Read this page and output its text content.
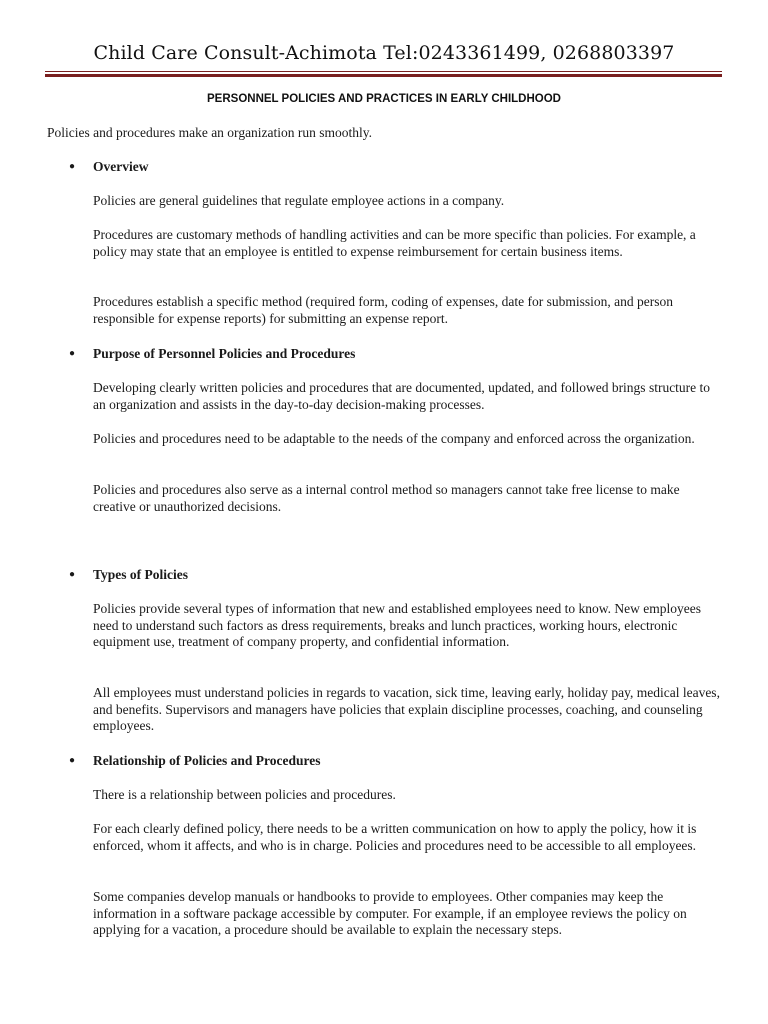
Child Care Consult-Achimota Tel:0243361499, 0268803397
PERSONNEL POLICIES AND PRACTICES IN EARLY CHILDHOOD
Policies and procedures make an organization run smoothly.
● Overview
Policies are general guidelines that regulate employee actions in a company.
Procedures are customary methods of handling activities and can be more specific than policies. For example, a policy may state that an employee is entitled to expense reimbursement for certain business items.
Procedures establish a specific method (required form, coding of expenses, date for submission, and person responsible for expense reports) for submitting an expense report.
● Purpose of Personnel Policies and Procedures
Developing clearly written policies and procedures that are documented, updated, and followed brings structure to an organization and assists in the day-to-day decision-making processes.
Policies and procedures need to be adaptable to the needs of the company and enforced across the organization.
Policies and procedures also serve as a internal control method so managers cannot take free license to make creative or unauthorized decisions.
● Types of Policies
Policies provide several types of information that new and established employees need to know. New employees need to understand such factors as dress requirements, breaks and lunch practices, working hours, electronic equipment use, treatment of company property, and confidential information.
All employees must understand policies in regards to vacation, sick time, leaving early, holiday pay, medical leaves, and benefits. Supervisors and managers have policies that explain discipline processes, coaching, and counseling employees.
● Relationship of Policies and Procedures
There is a relationship between policies and procedures.
For each clearly defined policy, there needs to be a written communication on how to apply the policy, how it is enforced, whom it affects, and who is in charge. Policies and procedures need to be accessible to all employees.
Some companies develop manuals or handbooks to provide to employees. Other companies may keep the information in a software package accessible by computer. For example, if an employee reviews the policy on applying for a vacation, a procedure should be available to explain the necessary steps.
